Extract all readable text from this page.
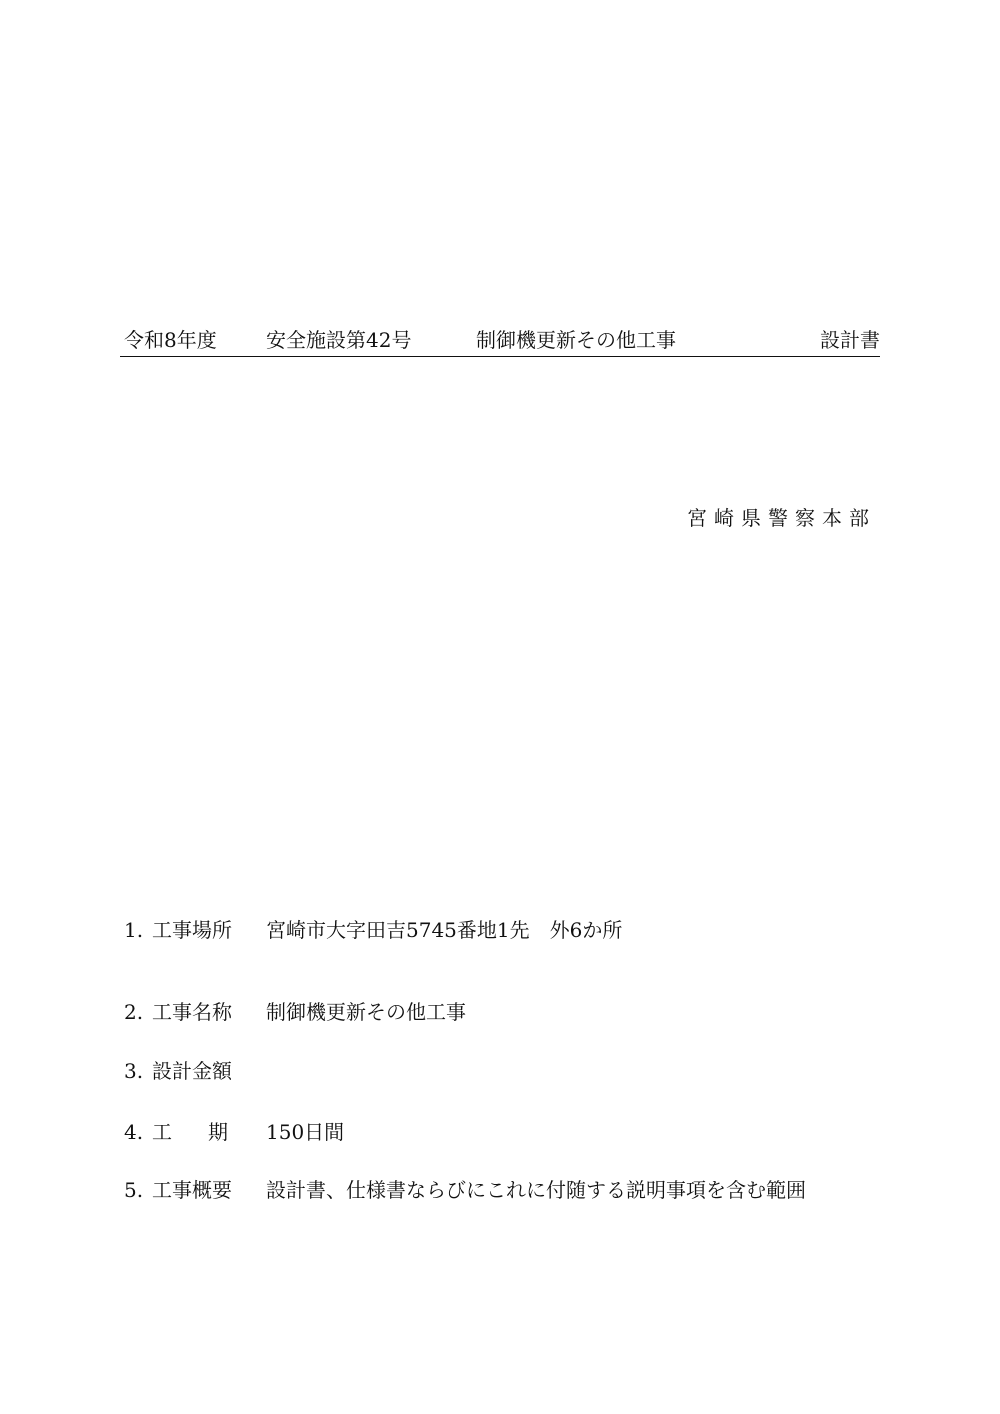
令和8年度 安全施設第42号	制御機更新その他工事	設計書
宮崎県警察本部
1. 工事場所 宮崎市大字田吉5745番地1先　外6か所
2. 工事名称 制御機更新その他工事
3. 設計金額
4. 工 期 150日間
5. 工事概要 設計書、仕様書ならびにこれに付随する説明事項を含む範囲
